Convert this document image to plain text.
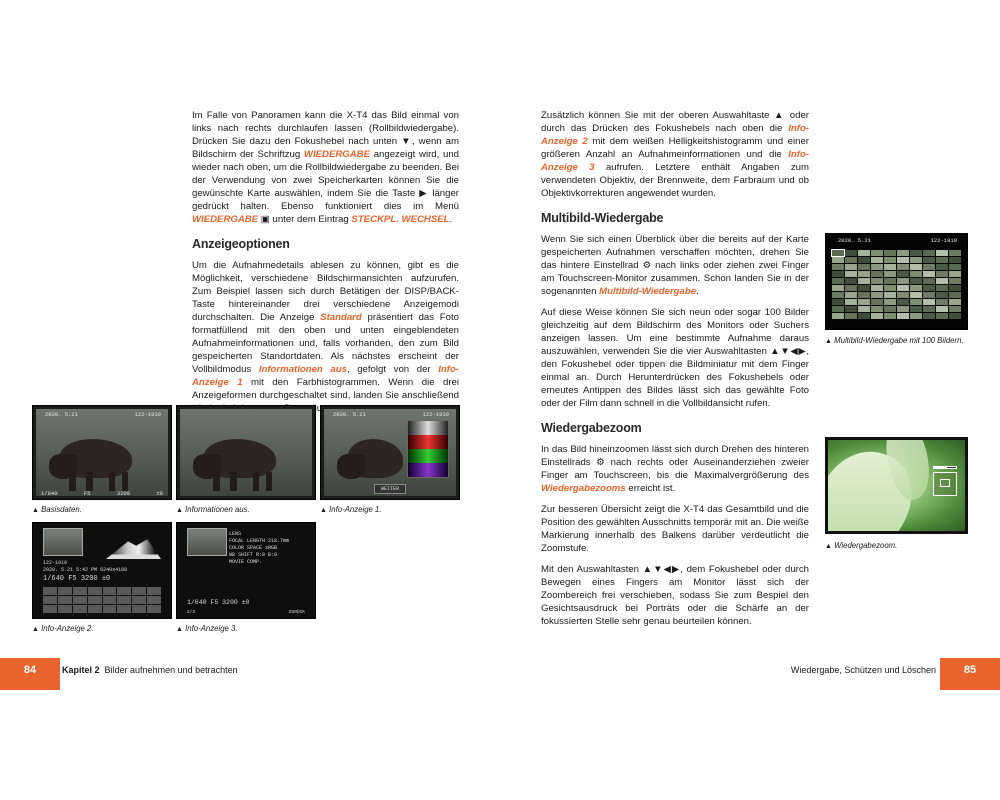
Im Falle von Panoramen kann die X-T4 das Bild einmal von links nach rechts durchlaufen lassen (Rollbildwiedergabe). Drücken Sie dazu den Fokushebel nach unten ▼, wenn am Bildschirm der Schriftzug WIEDERGABE angezeigt wird, und wieder nach oben, um die Rollbildwiedergabe zu beenden. Bei der Verwendung von zwei Speicherkarten können Sie die gewünschte Karte auswählen, indem Sie die Taste ▶ länger gedrückt halten. Ebenso funktioniert dies im Menü WIEDERGABE ▣ unter dem Eintrag STECKPL. WECHSEL.

Anzeigeoptionen

Um die Aufnahmedetails ablesen zu können, gibt es die Möglichkeit, verschiedene Bildschirmansichten aufzurufen. Zum Beispiel lassen sich durch Betätigen der DISP/BACK-Taste hintereinander drei verschiedene Anzeigemodi durchschalten. Die Anzeige Standard präsentiert das Foto formatfüllend mit den oben und unten eingeblendeten Aufnahmeinformationen und, falls vorhanden, den zum Bild gespeicherten Standortdaten. Als nächstes erscheint der Vollbildmodus Informationen aus, gefolgt von der Info-Anzeige 1 mit den Farbhistogrammen. Wenn die drei Anzeigeformen durchgeschaltet sind, landen Sie anschließend

2020. 5.21	122-1910
1/640	F5	3200	±0
▲ Basisdaten.	▲ Informationen aus.
2020. 5.21	122-1910
WEITER
▲ Info-Anzeige 1.
122-1910
2020. 5.21 5:42 PM 6240x4160
1/640 F5 3200 ±0
▲ Info-Anzeige 2.
LENS
FOCAL LENGTH 218.7mm
COLOR SPACE sRGB
WB SHIFT R:0 B:0
MOVIE COMP.
1/640 F5 3200 ±0
2/3	ZURÜCK
▲ Info-Anzeige 3.

Zusätzlich können Sie mit der oberen Auswahltaste ▲ oder durch das Drücken des Fokushebels nach oben die Info-Anzeige 2 mit dem weißen Helligkeitshistogramm und einer größeren Anzahl an Aufnahmeinformationen und die Info-Anzeige 3 aufrufen. Letztere enthält Angaben zum verwendeten Objektiv, der Brennweite, dem Farbraum und ob Objektivkorrekturen angewendet wurden.

Multibild-Wiedergabe

Wenn Sie sich einen Überblick über die bereits auf der Karte gespeicherten Aufnahmen verschaffen möchten, drehen Sie das hintere Einstellrad ⚙ nach links oder ziehen zwei Finger am Touchscreen-Monitor zusammen. Schon landen Sie in der sogenannten Multibild-Wiedergabe.

Auf diese Weise können Sie sich neun oder sogar 100 Bilder gleichzeitig auf dem Bildschirm des Monitors oder Suchers anzeigen lassen. Um eine bestimmte Aufnahme daraus auszuwählen, verwenden Sie die vier Auswahltasten ▲▼◀▶, den Fokushebel oder tippen die Bildminiatur mit dem Finger einmal an. Durch Herunterdrücken des Fokushebels oder erneutes Antippen des Bildes lässt sich das gewählte Foto oder der Film dann schnell in die Vollbildansicht rufen.

Wiedergabezoom

In das Bild hineinzoomen lässt sich durch Drehen des hinteren Einstellrads ⚙ nach rechts oder Auseinanderziehen zweier Finger am Touchscreen, bis die Maximalvergrößerung des Wiedergabezooms erreicht ist.

Zur besseren Übersicht zeigt die X-T4 das Gesamtbild und die Position des gewählten Ausschnitts temporär mit an. Die weiße Markierung innerhalb des Balkens darüber verdeutlicht die Zoomstufe.

Mit den Auswahltasten ▲▼◀▶, dem Fokushebel oder durch Bewegen eines Fingers am Monitor lässt sich der Zoombereich frei verschieben, sodass Sie zum Bespiel den Gesichtsausdruck bei Porträts oder die Schärfe an der fokussierten Stelle sehr genau beurteilen können.

2020. 5.21	122-1910
▲ Multibild-Wiedergabe mit 100 Bildern.
▲ Wiedergabezoom.
84	Kapitel 2 Bilder aufnehmen und betrachten	Wiedergabe, Schützen und Löschen	85
